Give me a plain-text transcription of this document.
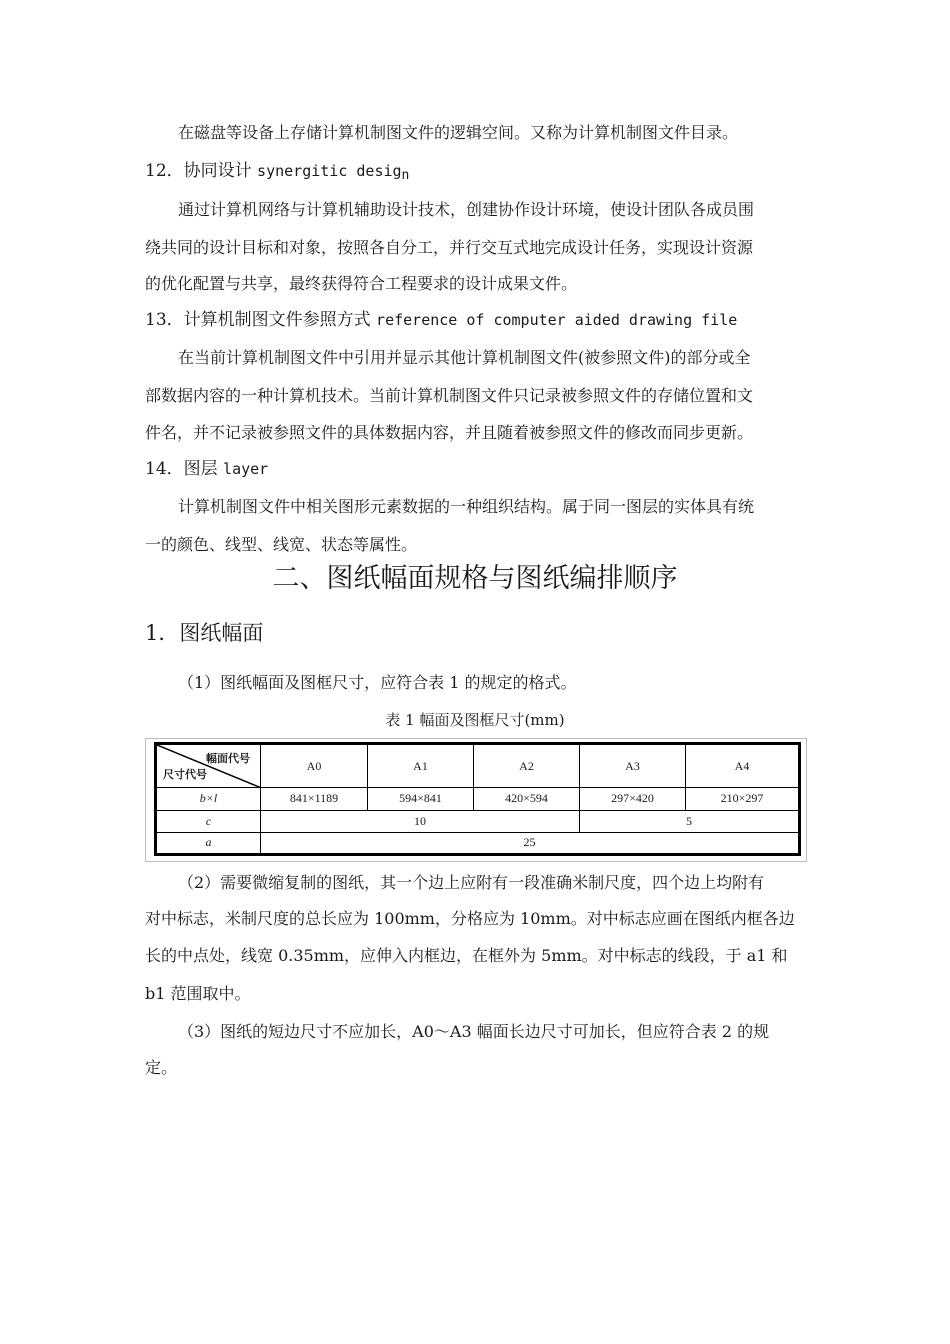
在磁盘等设备上存储计算机制图文件的逻辑空间。又称为计算机制图文件目录。
12．协同设计 synergitic design
通过计算机网络与计算机辅助设计技术，创建协作设计环境，使设计团队各成员围
绕共同的设计目标和对象，按照各自分工，并行交互式地完成设计任务，实现设计资源
的优化配置与共享，最终获得符合工程要求的设计成果文件。
13．计算机制图文件参照方式 reference of computer aided drawing file
在当前计算机制图文件中引用并显示其他计算机制图文件(被参照文件)的部分或全
部数据内容的一种计算机技术。当前计算机制图文件只记录被参照文件的存储位置和文
件名，并不记录被参照文件的具体数据内容，并且随着被参照文件的修改而同步更新。
14．图层 layer
计算机制图文件中相关图形元素数据的一种组织结构。属于同一图层的实体具有统
一的颜色、线型、线宽、状态等属性。
二、图纸幅面规格与图纸编排顺序
1．图纸幅面
（1）图纸幅面及图框尺寸，应符合表 1 的规定的格式。
表 1 幅面及图框尺寸(mm)
幅面代号
尺寸代号	A0	A1	A2	A3	A4
b×l	841×1189	594×841	420×594	297×420	210×297
c	10			5	
a	25				
（2）需要微缩复制的图纸，其一个边上应附有一段准确米制尺度，四个边上均附有
对中标志，米制尺度的总长应为 100mm，分格应为 10mm。对中标志应画在图纸内框各边
长的中点处，线宽 0.35mm，应伸入内框边，在框外为 5mm。对中标志的线段，于 a1 和
b1 范围取中。
（3）图纸的短边尺寸不应加长，A0～A3 幅面长边尺寸可加长，但应符合表 2 的规
定。
